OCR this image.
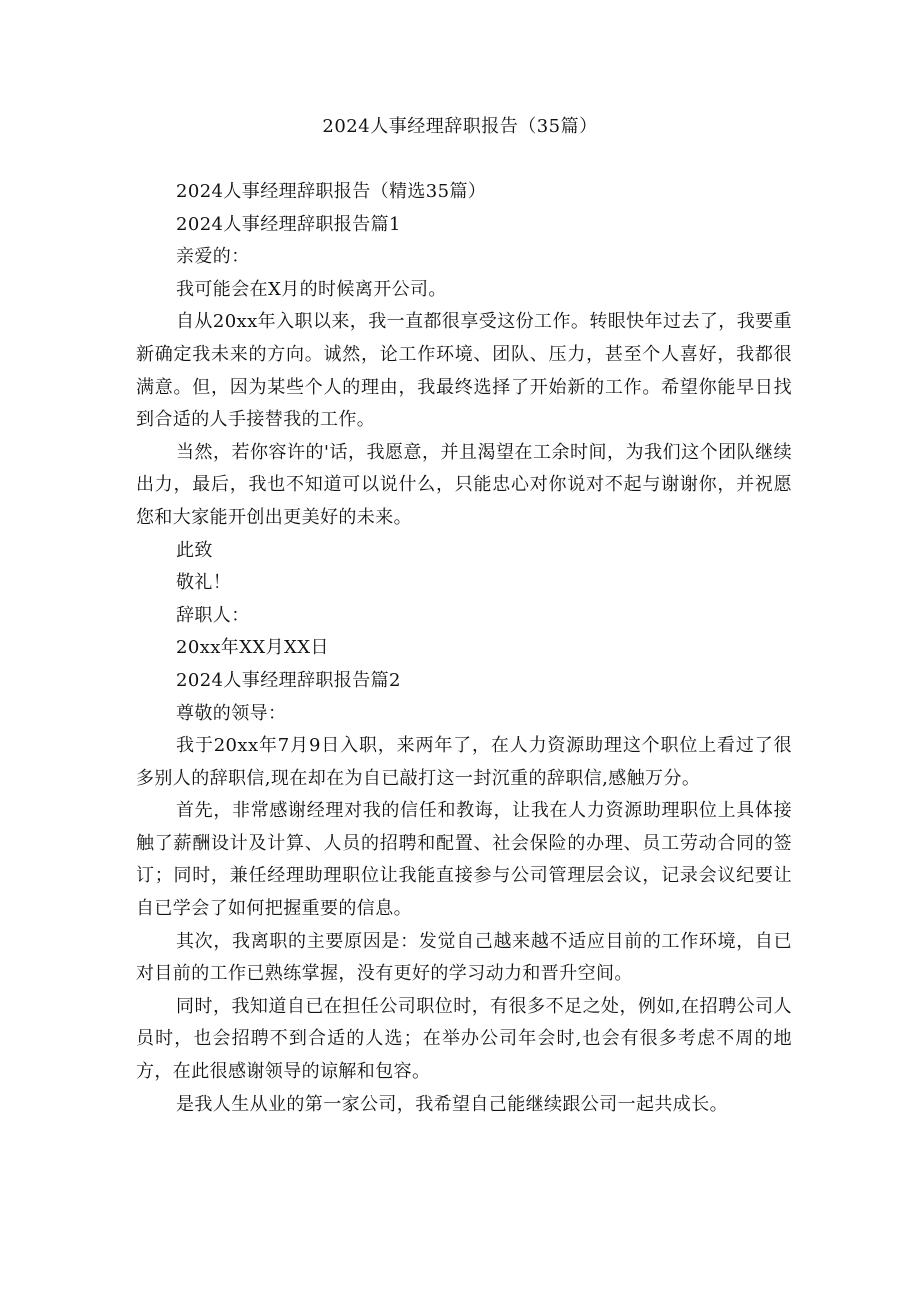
2024人事经理辞职报告（35篇）

2024人事经理辞职报告（精选35篇）

2024人事经理辞职报告篇1

亲爱的：

我可能会在X月的时候离开公司。

自从20xx年入职以来，我一直都很享受这份工作。转眼快年过去了，我要重新确定我未来的方向。诚然，论工作环境、团队、压力，甚至个人喜好，我都很满意。但，因为某些个人的理由，我最终选择了开始新的工作。希望你能早日找到合适的人手接替我的工作。

当然，若你容许的'话，我愿意，并且渴望在工余时间，为我们这个团队继续出力，最后，我也不知道可以说什么，只能忠心对你说对不起与谢谢你，并祝愿您和大家能开创出更美好的未来。

此致

敬礼！

辞职人：

20xx年XX月XX日

2024人事经理辞职报告篇2

尊敬的领导：

我于20xx年7月9日入职，来两年了，在人力资源助理这个职位上看过了很多别人的辞职信,现在却在为自已敲打这一封沉重的辞职信,感触万分。

首先，非常感谢经理对我的信任和教诲，让我在人力资源助理职位上具体接触了薪酬设计及计算、人员的招聘和配置、社会保险的办理、员工劳动合同的签订；同时，兼任经理助理职位让我能直接参与公司管理层会议，记录会议纪要让自已学会了如何把握重要的信息。

其次，我离职的主要原因是：发觉自己越来越不适应目前的工作环境，自已对目前的工作已熟练掌握，没有更好的学习动力和晋升空间。

同时，我知道自已在担任公司职位时，有很多不足之处，例如,在招聘公司人员时，也会招聘不到合适的人选；在举办公司年会时,也会有很多考虑不周的地方，在此很感谢领导的谅解和包容。

是我人生从业的第一家公司，我希望自己能继续跟公司一起共成长。
